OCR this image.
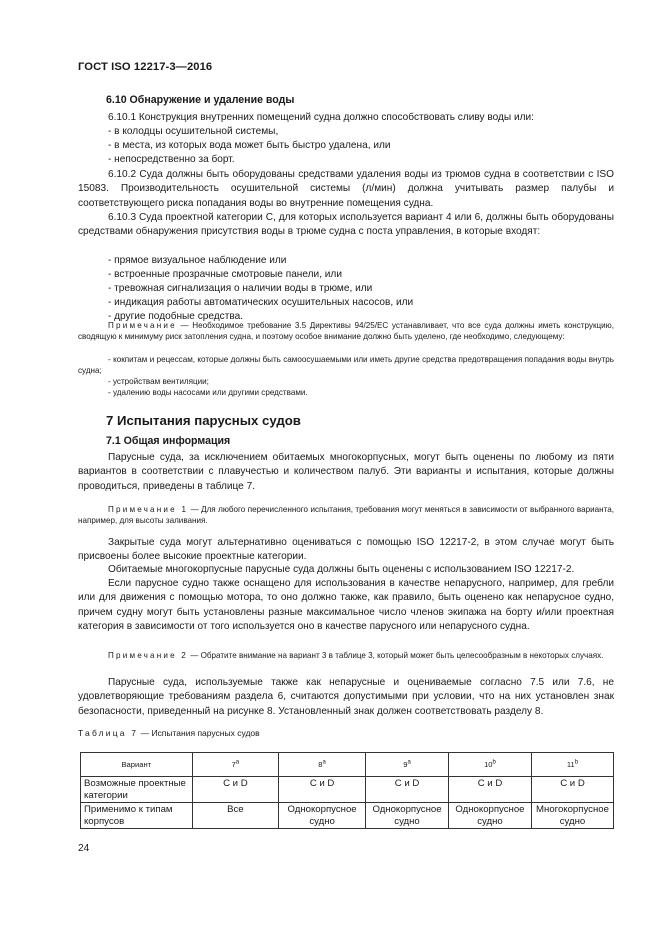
ГОСТ ISO 12217-3—2016
6.10 Обнаружение и удаление воды

6.10.1 Конструкция внутренних помещений судна должно способствовать сливу воды или:

- в колодцы осушительной системы,
- в места, из которых вода может быть быстро удалена, или
- непосредственно за борт.

6.10.2 Суда должны быть оборудованы средствами удаления воды из трюмов судна в соответствии с ISO 15083. Производительность осушительной системы (л/мин) должна учитывать размер палубы и соответствующего риска попадания воды во внутренние помещения судна.

6.10.3 Суда проектной категории С, для которых используется вариант 4 или 6, должны быть оборудованы средствами обнаружения присутствия воды в трюме судна с поста управления, в которые входят:

- прямое визуальное наблюдение или
- встроенные прозрачные смотровые панели, или
- тревожная сигнализация о наличии воды в трюме, или
- индикация работы автоматических осушительных насосов, или
- другие подобные средства.

Примечание — Необходимое требование 3.5 Директивы 94/25/ЕС устанавливает, что все суда должны иметь конструкцию, сводящую к минимуму риск затопления судна, и поэтому особое внимание должно быть уделено, где необходимо, следующему:

- кокпитам и рецессам, которые должны быть самоосушаемыми или иметь другие средства предотвращения попадания воды внутрь судна;

- устройствам вентиляции;

- удалению воды насосами или другими средствами.

7 Испытания парусных судов
7.1 Общая информация

Парусные суда, за исключением обитаемых многокорпусных, могут быть оценены по любому из пяти вариантов в соответствии с плавучестью и количеством палуб. Эти варианты и испытания, которые должны проводиться, приведены в таблице 7.

Примечание 1 — Для любого перечисленного испытания, требования могут меняться в зависимости от выбранного варианта, например, для высоты заливания.

Закрытые суда могут альтернативно оцениваться с помощью ISO 12217-2, в этом случае могут быть присвоены более высокие проектные категории.

Обитаемые многокорпусные парусные суда должны быть оценены с использованием ISO 12217-2.

Если парусное судно также оснащено для использования в качестве непарусного, например, для гребли или для движения с помощью мотора, то оно должно также, как правило, быть оценено как непарусное судно, причем судну могут быть установлены разные максимальное число членов экипажа на борту и/или проектная категория в зависимости от того используется оно в качестве парусного или непарусного судна.

Примечание 2 — Обратите внимание на вариант 3 в таблице 3, который может быть целесообразным в некоторых случаях.

Парусные суда, используемые также как непарусные и оцениваемые согласно 7.5 или 7.6, не удовлетворяющие требованиям раздела 6, считаются допустимыми при условии, что на них установлен знак безопасности, приведенный на рисунке 8. Установленный знак должен соответствовать разделу 8.

Таблица 7 — Испытания парусных судов
Вариант	7$^a$	8$^a$	9$^a$	10$^b$	11$^b$
Возможные проектные категории	С и D	С и D	С и D	С и D	С и D
Применимо к типам корпусов	Все	Однокорпусное судно	Однокорпусное судно	Однокорпусное судно	Многокорпусное судно
24
